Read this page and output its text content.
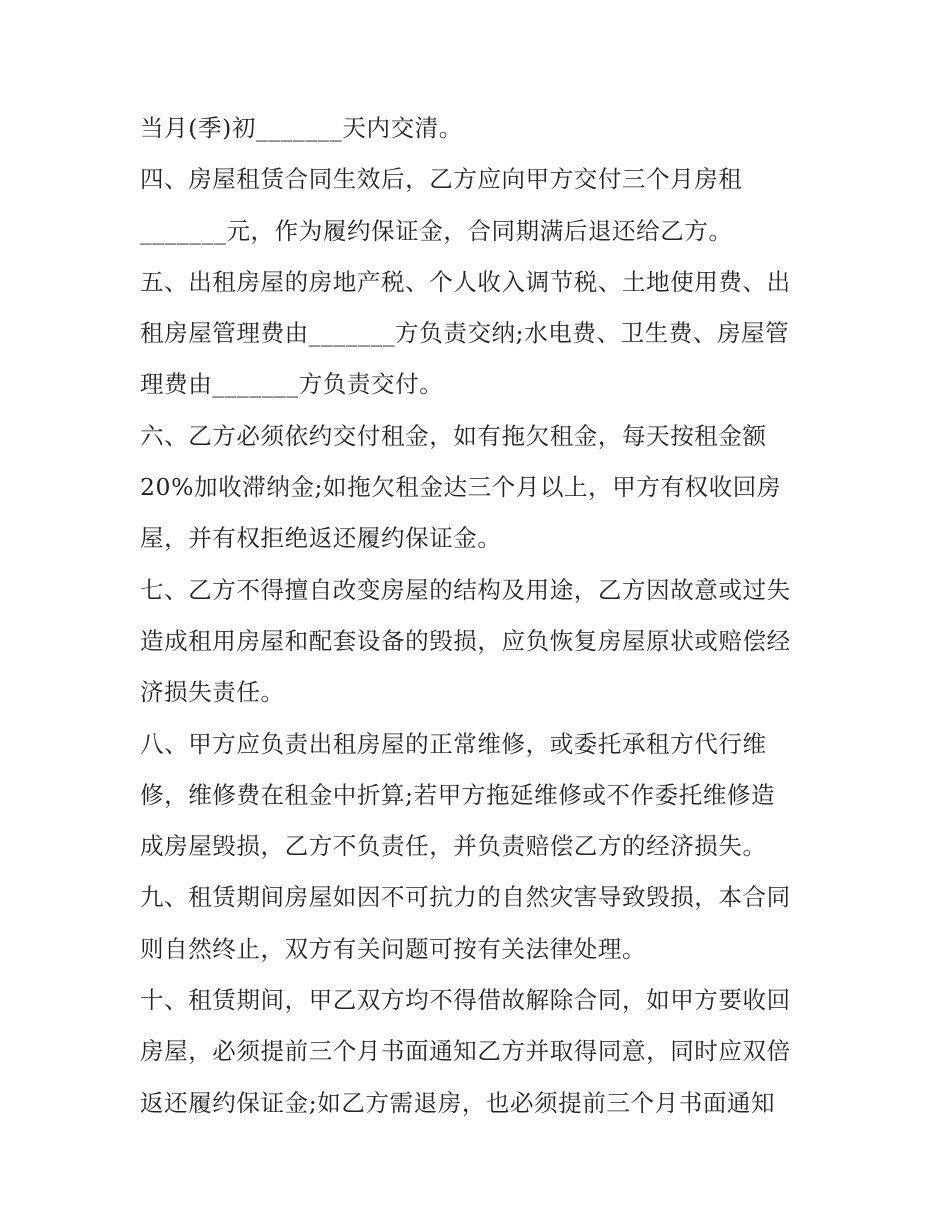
当月(季)初_______天内交清。
四、房屋租赁合同生效后，乙方应向甲方交付三个月房租
_______元，作为履约保证金，合同期满后退还给乙方。
五、出租房屋的房地产税、个人收入调节税、土地使用费、出
租房屋管理费由_______方负责交纳;水电费、卫生费、房屋管
理费由_______方负责交付。
六、乙方必须依约交付租金，如有拖欠租金，每天按租金额
20%加收滞纳金;如拖欠租金达三个月以上，甲方有权收回房
屋，并有权拒绝返还履约保证金。
七、乙方不得擅自改变房屋的结构及用途，乙方因故意或过失
造成租用房屋和配套设备的毁损，应负恢复房屋原状或赔偿经
济损失责任。
八、甲方应负责出租房屋的正常维修，或委托承租方代行维
修，维修费在租金中折算;若甲方拖延维修或不作委托维修造
成房屋毁损，乙方不负责任，并负责赔偿乙方的经济损失。
九、租赁期间房屋如因不可抗力的自然灾害导致毁损，本合同
则自然终止，双方有关问题可按有关法律处理。
十、租赁期间，甲乙双方均不得借故解除合同，如甲方要收回
房屋，必须提前三个月书面通知乙方并取得同意，同时应双倍
返还履约保证金;如乙方需退房，也必须提前三个月书面通知
